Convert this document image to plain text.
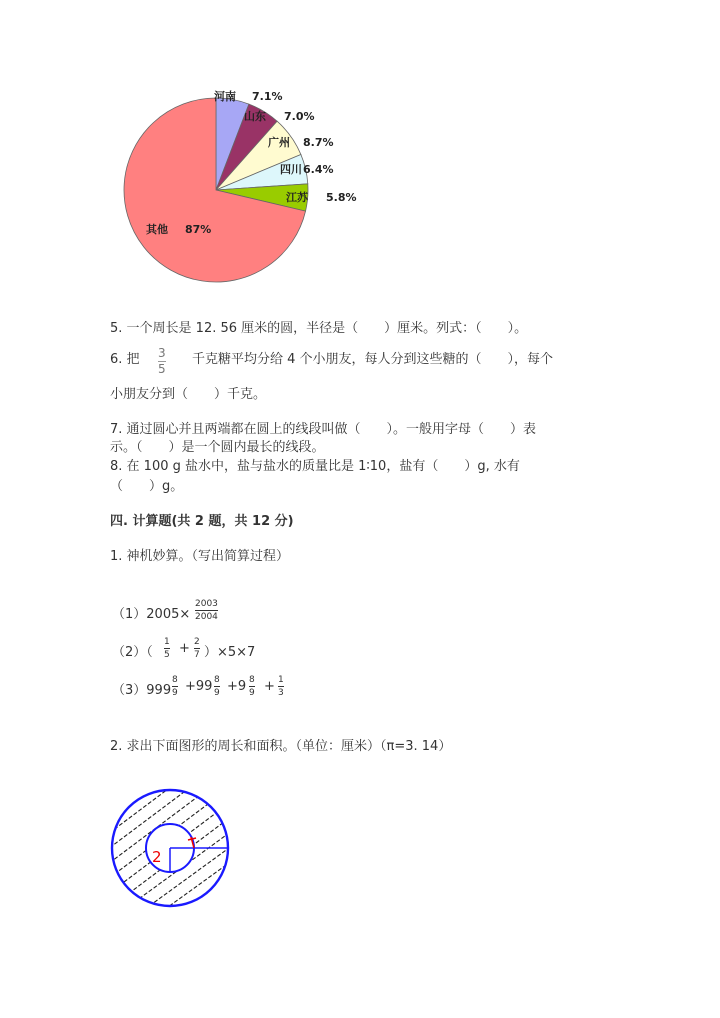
河南 7.1%
山东 7.0%
广州 8.7%
四川 6.4%
江苏 5.8%
其他 87%
5. 一个周长是 12. 56 厘米的圆，半径是（　　）厘米。列式：（　　）。
6. 把 3
5
千克糖平均分给 4 个小朋友，每人分到这些糖的（　　），每个
小朋友分到（　　）千克。
7. 通过圆心并且两端都在圆上的线段叫做（　　）。一般用字母（　　）表
示。（　　）是一个圆内最长的线段。
8. 在 100 g 盐水中，盐与盐水的质量比是 1∶10，盐有（　　）g, 水有
（　　）g。
四. 计算题(共 2 题，共 12 分)
1. 神机妙算。（写出简算过程）
（1）2005×
2003
2004
（2）（
1
5 + 2
7 ）×5×7
（3）999
8
9 +99 8
9 +9 8
9 + 1
3
2. 求出下面图形的周长和面积。（单位：厘米）（π=3. 14）
2
